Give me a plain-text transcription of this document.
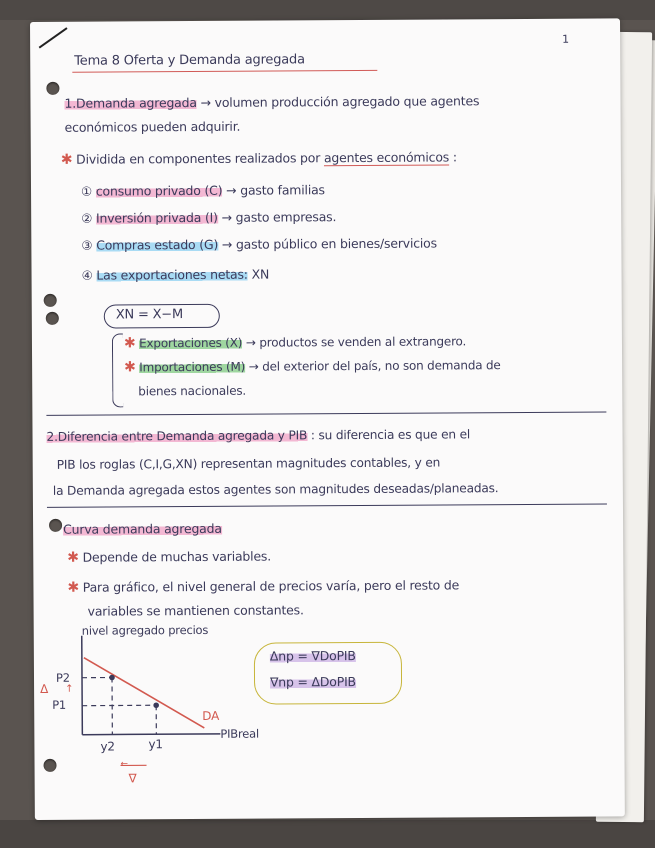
1
Tema 8 Oferta y Demanda agregada
1.Demanda agregada → volumen producción agregado que agentes
económicos pueden adquirir.
✱ Dividida en componentes realizados por agentes económicos :
① consumo privado (C) → gasto familias
② Inversión privada (I) → gasto empresas.
③ Compras estado (G) → gasto público en bienes/servicios
④ Las exportaciones netas: XN
XN = X−M
✱ Exportaciones (X) → productos se venden al extrangero.
✱ Importaciones (M) → del exterior del país, no son demanda de
bienes nacionales.
2.Diferencia entre Demanda agregada y PIB : su diferencia es que en el
PIB los roglas (C,I,G,XN) representan magnitudes contables, y en
la Demanda agregada estos agentes son magnitudes deseadas/planeadas.
Curva demanda agregada
✱ Depende de muchas variables.
✱ Para gráfico, el nivel general de precios varía, pero el resto de
variables se mantienen constantes.
nivel agregado precios
PIBreal
DA
P2
P1
Δ ↑
y2	y1
←
∇
Δnp = ∇DoPIB
∇np = ΔDoPIB
